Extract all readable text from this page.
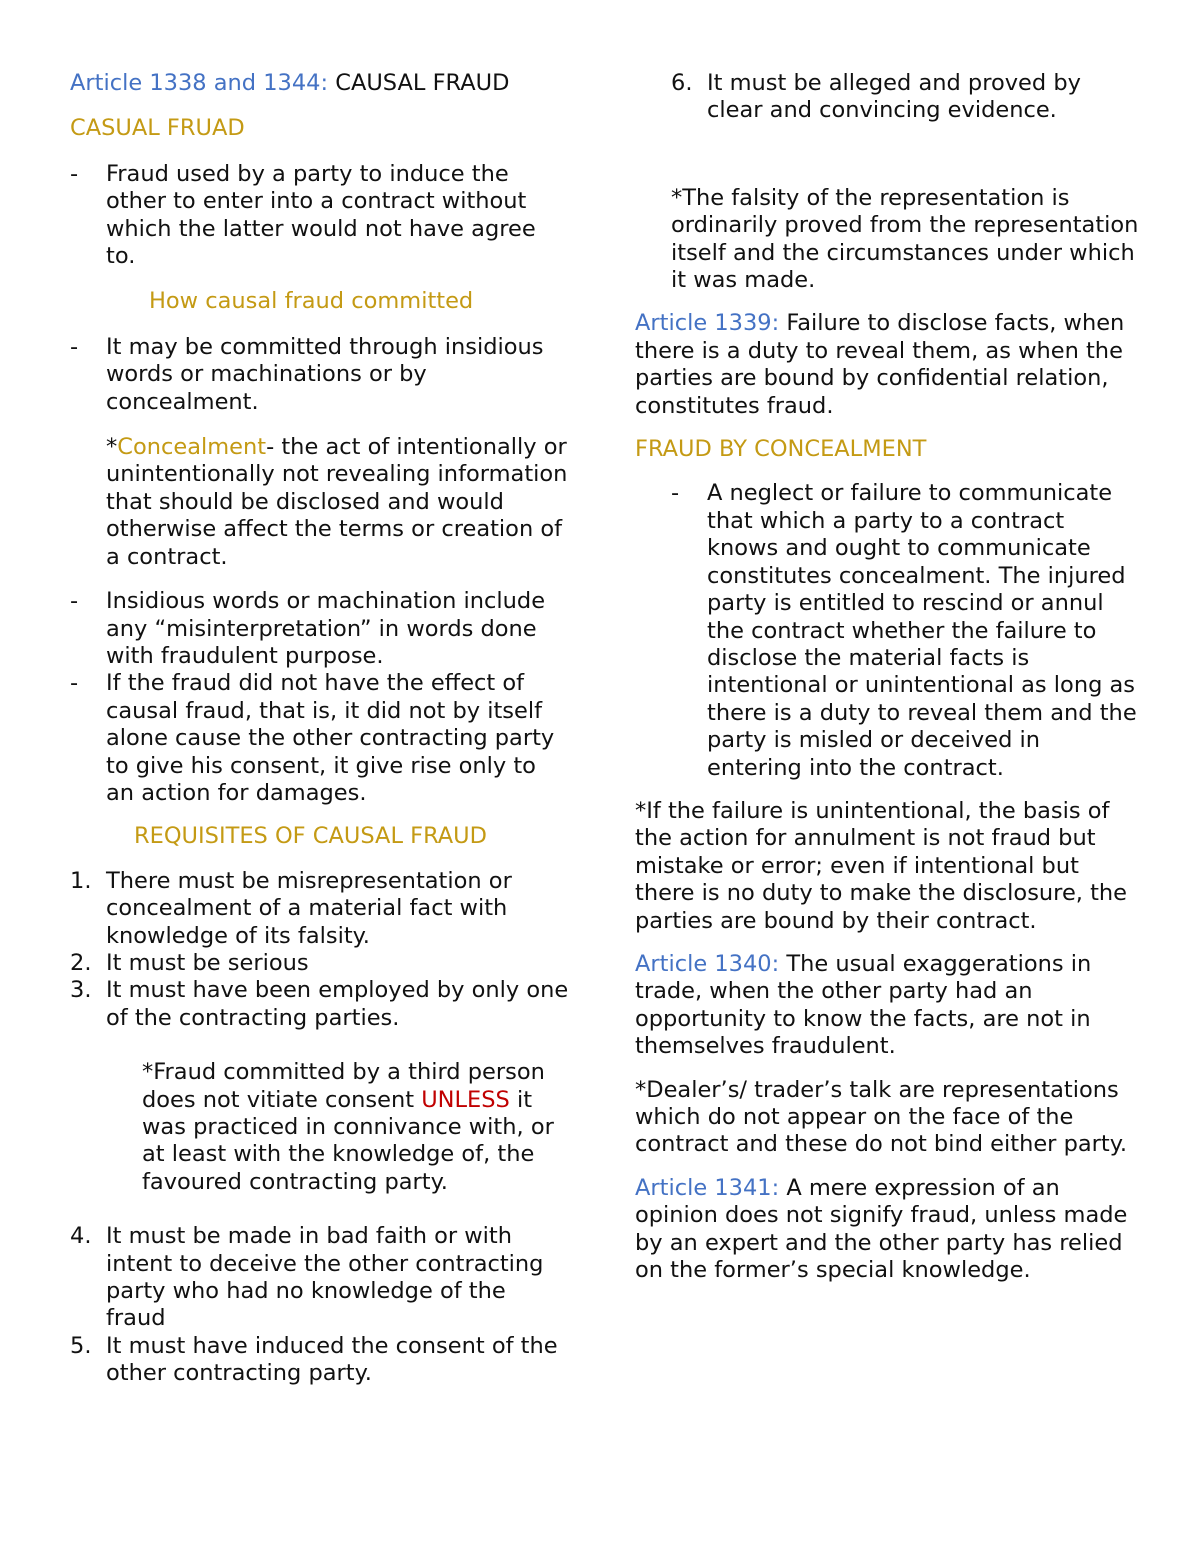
Article 1338 and 1344: CAUSAL FRAUD

CASUAL FRUAD

-	Fraud used by a party to induce the other to enter into a contract without which the latter would not have agree to.

How causal fraud committed

-	It may be committed through insidious words or machinations or by concealment.

*Concealment- the act of intentionally or unintentionally not revealing information that should be disclosed and would otherwise affect the terms or creation of a contract.

-	Insidious words or machination include any “misinterpretation” in words done with fraudulent purpose.
-	If the fraud did not have the effect of causal fraud, that is, it did not by itself alone cause the other contracting party to give his consent, it give rise only to an action for damages.

REQUISITES OF CAUSAL FRAUD

1. There must be misrepresentation or concealment of a material fact with knowledge of its falsity.
2. It must be serious
3. It must have been employed by only one of the contracting parties.

*Fraud committed by a third person does not vitiate consent UNLESS it was practiced in connivance with, or at least with the knowledge of, the favoured contracting party.

4. It must be made in bad faith or with intent to deceive the other contracting party who had no knowledge of the fraud
5. It must have induced the consent of the other contracting party.
6. It must be alleged and proved by clear and convincing evidence.

*The falsity of the representation is ordinarily proved from the representation itself and the circumstances under which it was made.

Article 1339: Failure to disclose facts, when there is a duty to reveal them, as when the parties are bound by confidential relation, constitutes fraud.

FRAUD BY CONCEALMENT

-	A neglect or failure to communicate that which a party to a contract knows and ought to communicate constitutes concealment. The injured party is entitled to rescind or annul the contract whether the failure to disclose the material facts is intentional or unintentional as long as there is a duty to reveal them and the party is misled or deceived in entering into the contract.

*If the failure is unintentional, the basis of the action for annulment is not fraud but mistake or error; even if intentional but there is no duty to make the disclosure, the parties are bound by their contract.

Article 1340: The usual exaggerations in trade, when the other party had an opportunity to know the facts, are not in themselves fraudulent.

*Dealer’s/ trader’s talk are representations which do not appear on the face of the contract and these do not bind either party.

Article 1341: A mere expression of an opinion does not signify fraud, unless made by an expert and the other party has relied on the former’s special knowledge.
